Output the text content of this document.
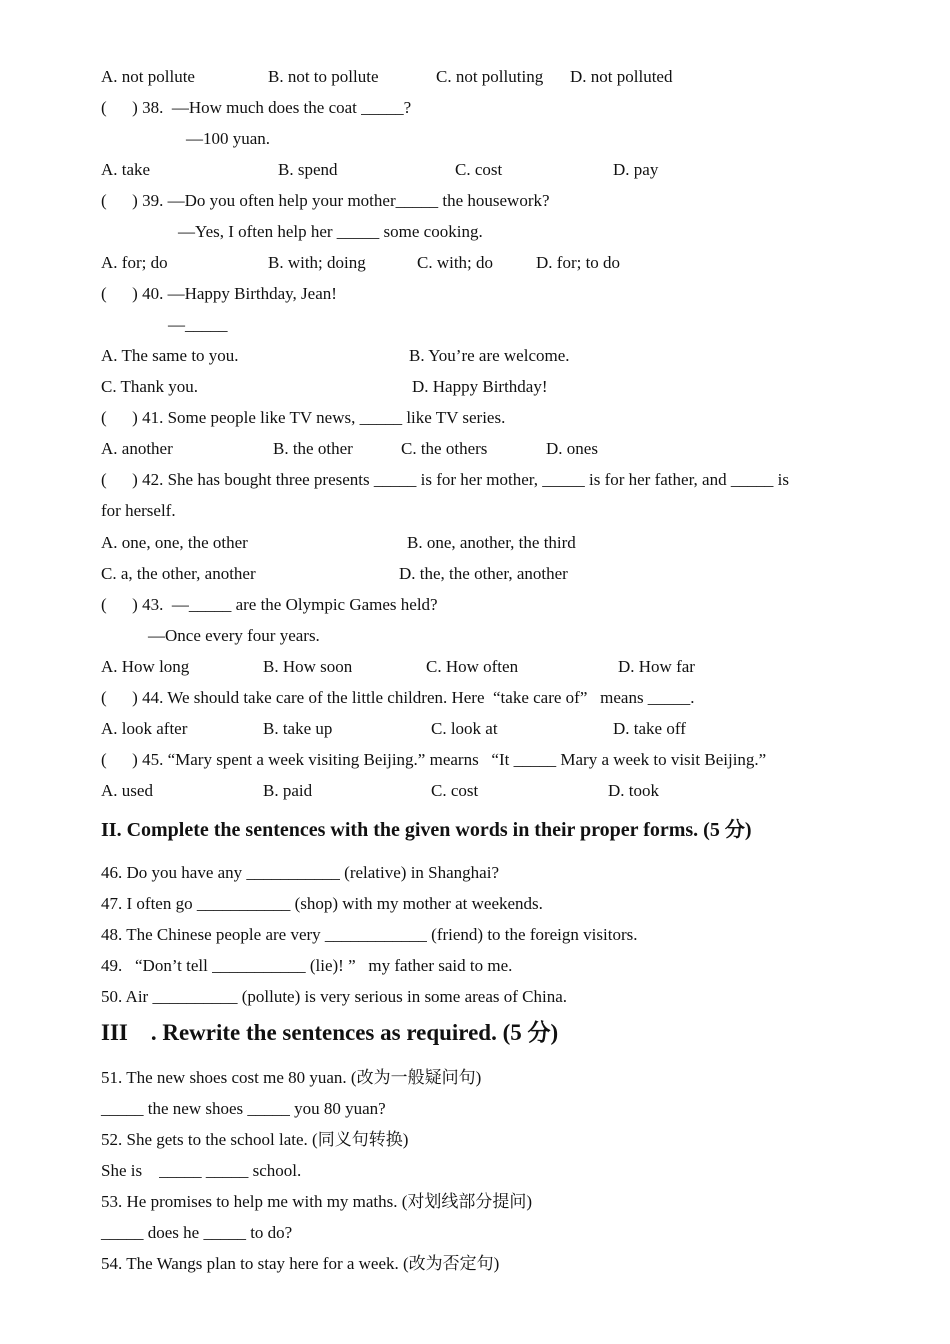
A. not pollute	B. not to pollute	C. not polluting D. not polluted
(      ) 38.  —How much does the coat _____?
—100 yuan.
A. take	B. spend	C. cost	D. pay
(      ) 39. —Do you often help your mother_____ the housework?
—Yes, I often help her _____ some cooking.
A. for; do	B. with; doing	C. with; do	D. for; to do
(      ) 40. —Happy Birthday, Jean!
—_____
A. The same to you.	B. You’re are welcome.
C. Thank you.	D. Happy Birthday!
(      ) 41. Some people like TV news, _____ like TV series.
A. another	B. the other	C. the others	D. ones
(      ) 42. She has bought three presents _____ is for her mother, _____ is for her father, and _____ is
for herself.
A. one, one, the other	B. one, another, the third
C. a, the other, another	D. the, the other, another
(      ) 43.  —_____ are the Olympic Games held?
—Once every four years.
A. How long	B. How soon	C. How often	D. How far
(      ) 44. We should take care of the little children. Here  “take care of”   means _____.
A. look after	B. take up	C. look at	D. take off
(      ) 45. “Mary spent a week visiting Beijing.” mearns   “It _____ Mary a week to visit Beijing.”
A. used	B. paid	C. cost	D. took
II. Complete the sentences with the given words in their proper forms. (5 分)
46. Do you have any ___________ (relative) in Shanghai?
47. I often go ___________ (shop) with my mother at weekends.
48. The Chinese people are very ____________ (friend) to the foreign visitors.
49.   “Don’t tell ___________ (lie)! ”   my father said to me.
50. Air __________ (pollute) is very serious in some areas of China.
III    . Rewrite the sentences as required. (5 分)
51. The new shoes cost me 80 yuan. (改为一般疑问句)
_____ the new shoes _____ you 80 yuan?
52. She gets to the school late. (同义句转换)
She is    _____ _____ school.
53. He promises to help me with my maths. (对划线部分提问)
_____ does he _____ to do?
54. The Wangs plan to stay here for a week. (改为否定句)
